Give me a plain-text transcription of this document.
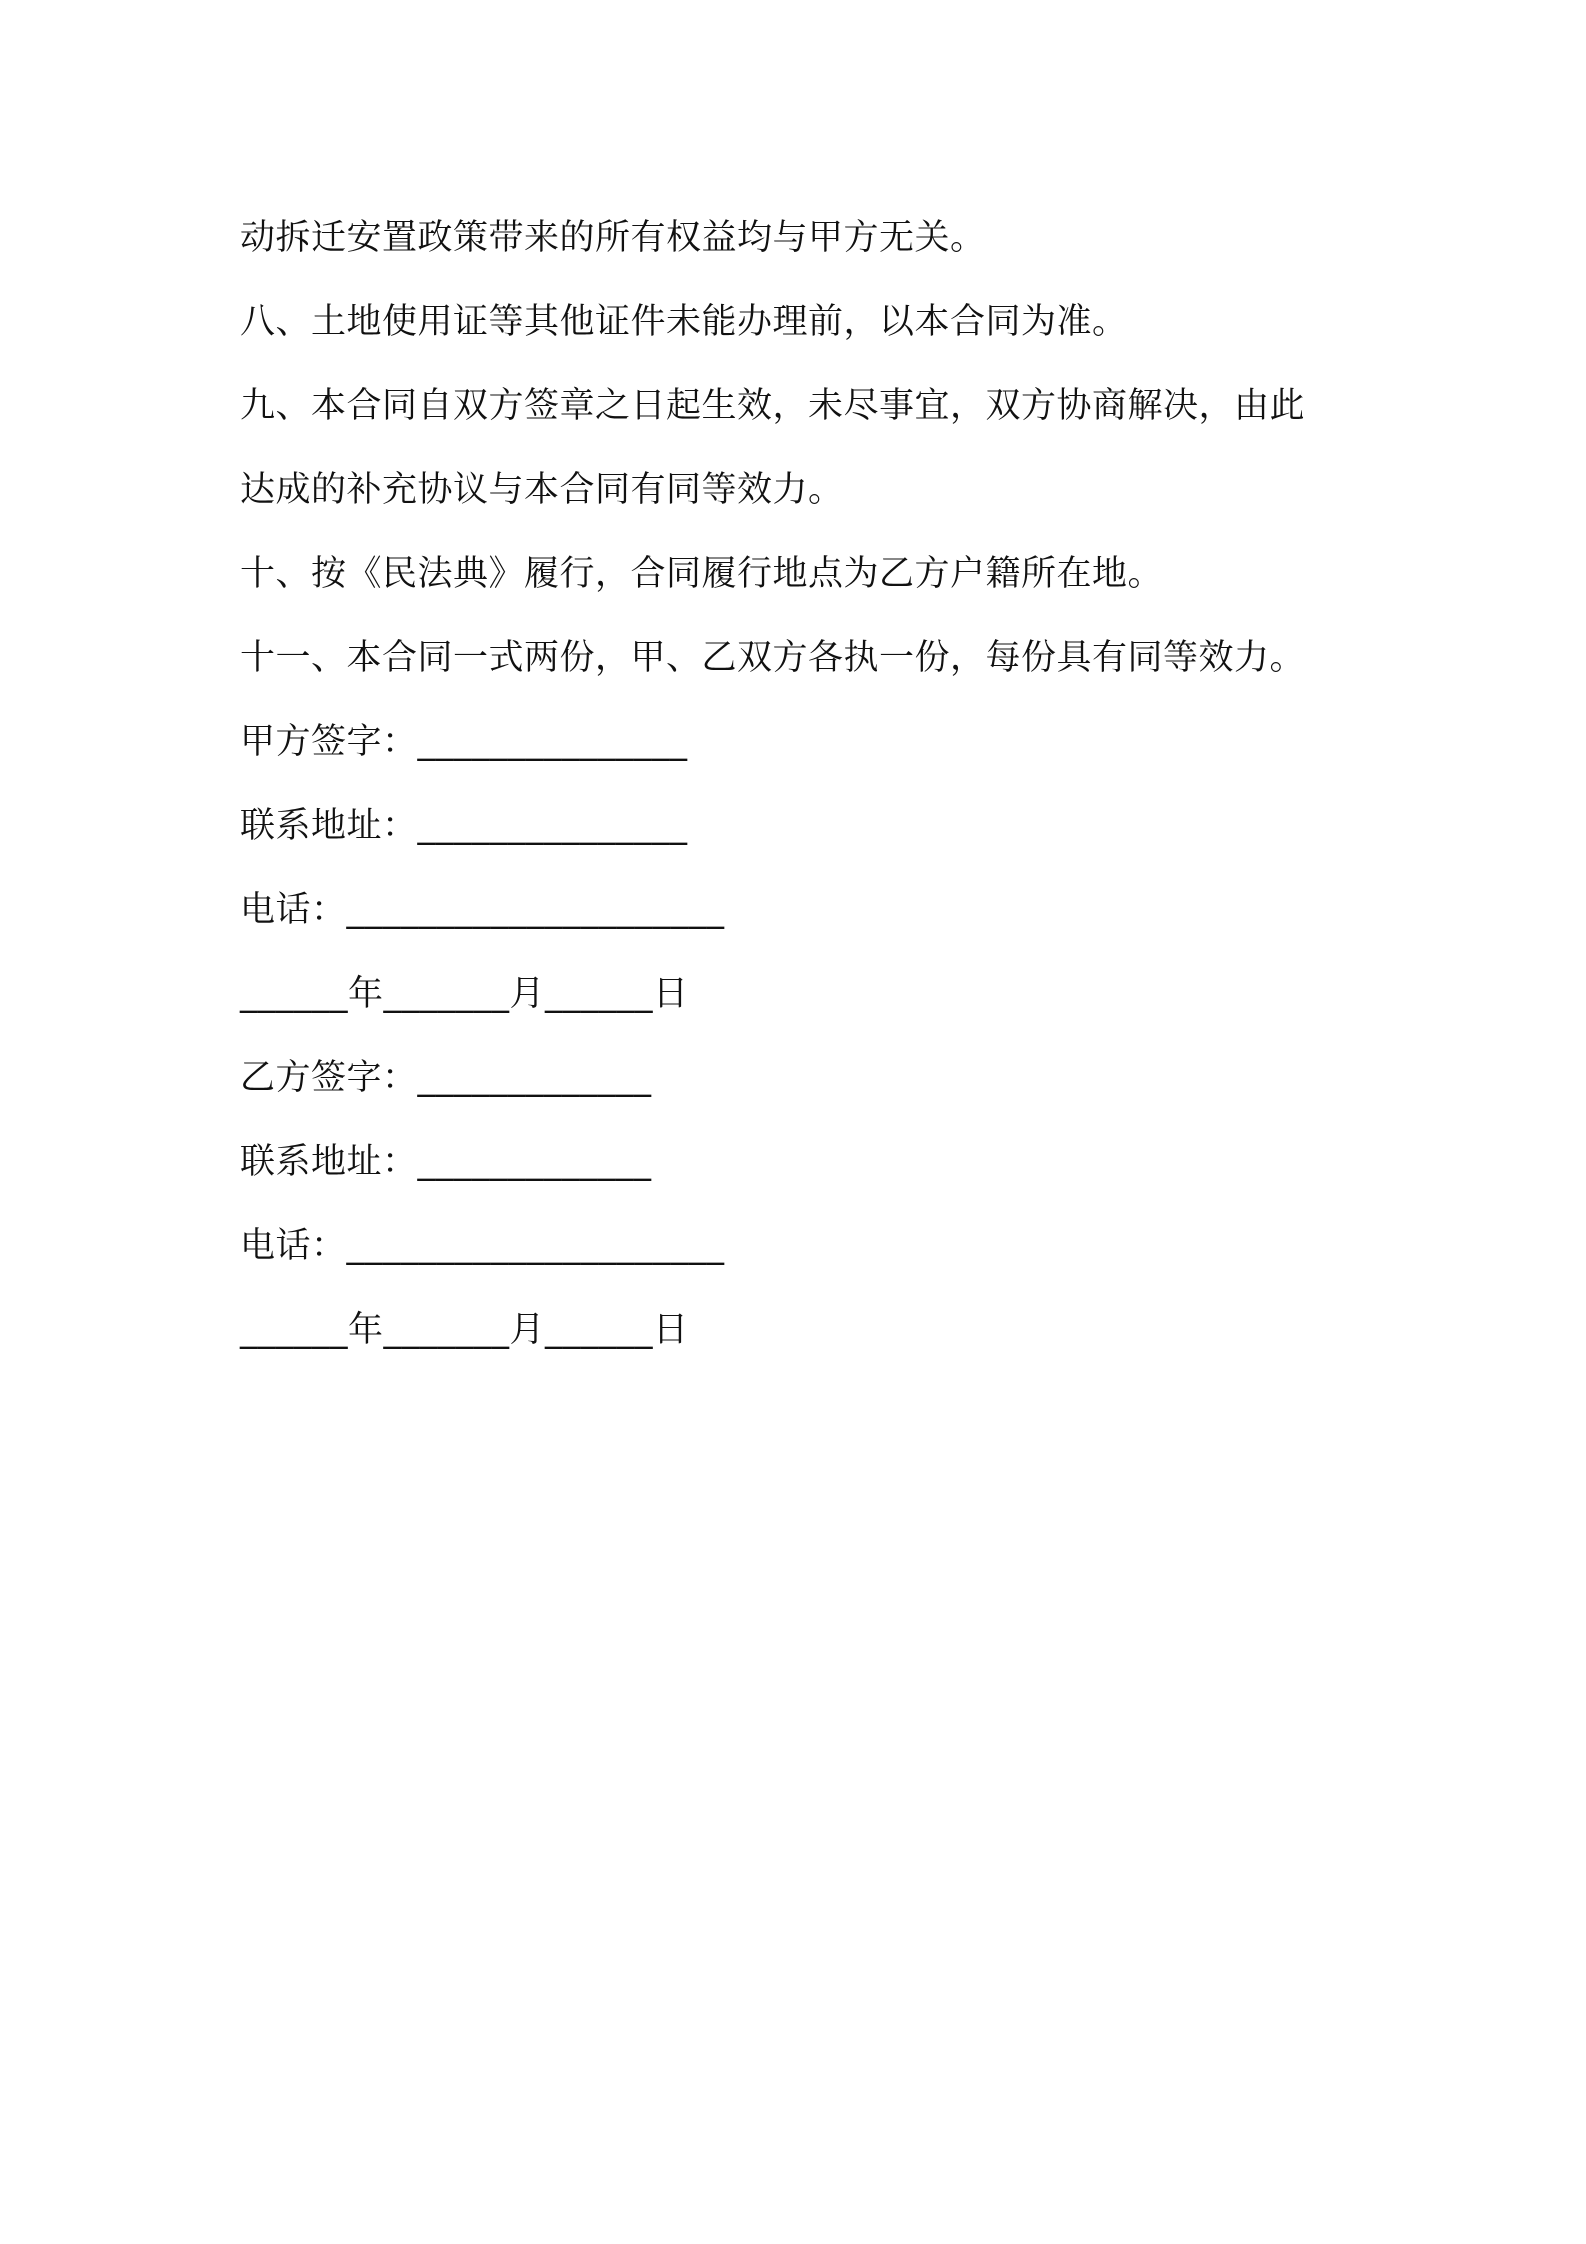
动拆迁安置政策带来的所有权益均与甲方无关。
八、土地使用证等其他证件未能办理前，以本合同为准。
九、本合同自双方签章之日起生效，未尽事宜，双方协商解决，由此
达成的补充协议与本合同有同等效力。
十、按《民法典》履行，合同履行地点为乙方户籍所在地。
十一、本合同一式两份，甲、乙双方各执一份，每份具有同等效力。
甲方签字：_______________
联系地址：_______________
电话：_____________________
______年_______月______日
乙方签字：_____________
联系地址：_____________
电话：_____________________
______年_______月______日
